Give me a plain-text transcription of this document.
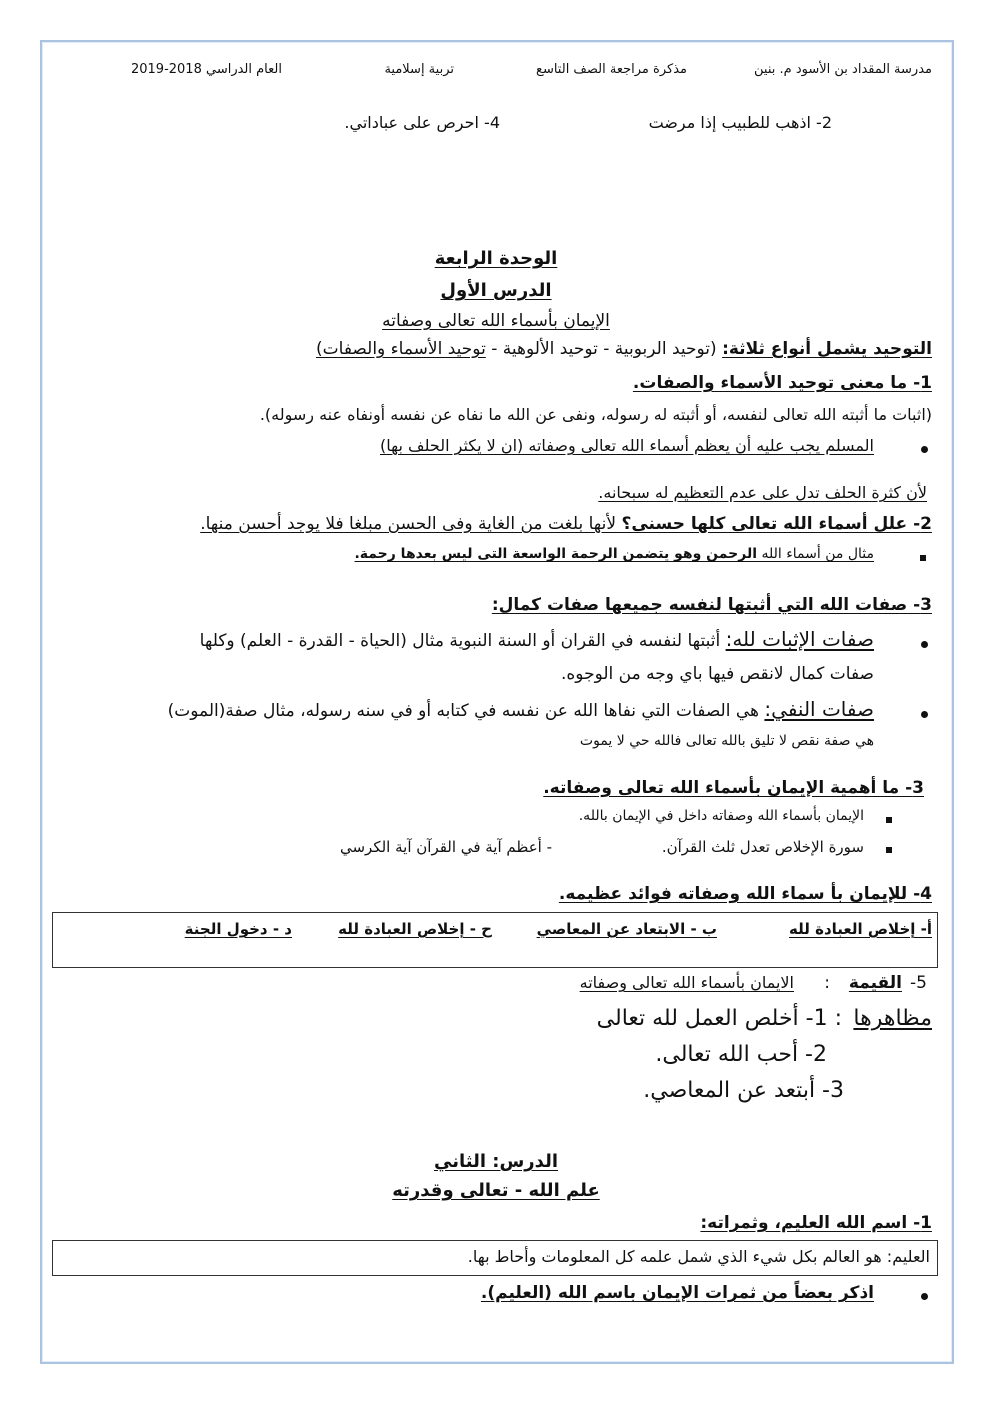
مدرسة المقداد بن الأسود م. بنين
مذكرة مراجعة الصف التاسع
تربية إسلامية
العام الدراسي 2018-2019
2- اذهب للطبيب إذا مرضت
4- احرص على عباداتي.
الوحدة الرابعة
الدرس الأول
الإيمان بأسماء الله تعالى وصفاته
التوحيد يشمل أنواع ثلاثة: (توحيد الربوبية - توحيد الألوهية - توحيد الأسماء والصفات)
1- ما معنى توحيد الأسماء والصفات.
(اثبات ما أثبته الله تعالى لنفسه، أو أثبته له رسوله، ونفى عن الله ما نفاه عن نفسه أونفاه عنه رسوله).
المسلم يجب عليه أن يعظم أسماء الله تعالى وصفاته (ان لا يكثر الحلف بها)
لأن كثرة الحلف تدل على عدم التعظيم له سبحانه.
2- علل أسماء الله تعالى كلها حسنى؟ لأنها بلغت من الغاية وفى الحسن مبلغا فلا يوجد أحسن منها.
مثال من أسماء الله الرحمن وهو يتضمن الرحمة الواسعة التى ليس بعدها رحمة.
3- صفات الله التي أثبتها لنفسه جميعها صفات كمال:
صفات الإثبات لله: أثبتها لنفسه في القران أو السنة النبوية مثال (الحياة - القدرة - العلم) وكلها
صفات كمال لانقص فيها باي وجه من الوجوه.
صفات النفي: هي الصفات التي نفاها الله عن نفسه في كتابه أو في سنه رسوله، مثال صفة(الموت)
هي صفة نقص لا تليق بالله تعالى فالله حي لا يموت
3- ما أهمية الإيمان بأسماء الله تعالى وصفاته.
الإيمان بأسماء الله وصفاته داخل في الإيمان بالله.
سورة الإخلاص تعدل ثلث القرآن.
- أعظم آية في القرآن آية الكرسي
4- للإيمان بأ سماء الله وصفاته فوائد عظيمه.
أ- إخلاص العبادة لله
ب - الابتعاد عن المعاصي
ح - إخلاص العبادة لله
د - دخول الجنة
5-
القيمة
:
الايمان بأسماء الله تعالى وصفاته
مظاهرها
: 1- أخلص العمل لله تعالى
2- أحب الله تعالى.
3- أبتعد عن المعاصي.
الدرس: الثاني
علم الله - تعالى وقدرته
1- اسم الله العليم، وثمراته:
العليم: هو العالم بكل شيء الذي شمل علمه كل المعلومات وأحاط بها.
اذكر بعضاً من ثمرات الإيمان باسم الله (العليم).
